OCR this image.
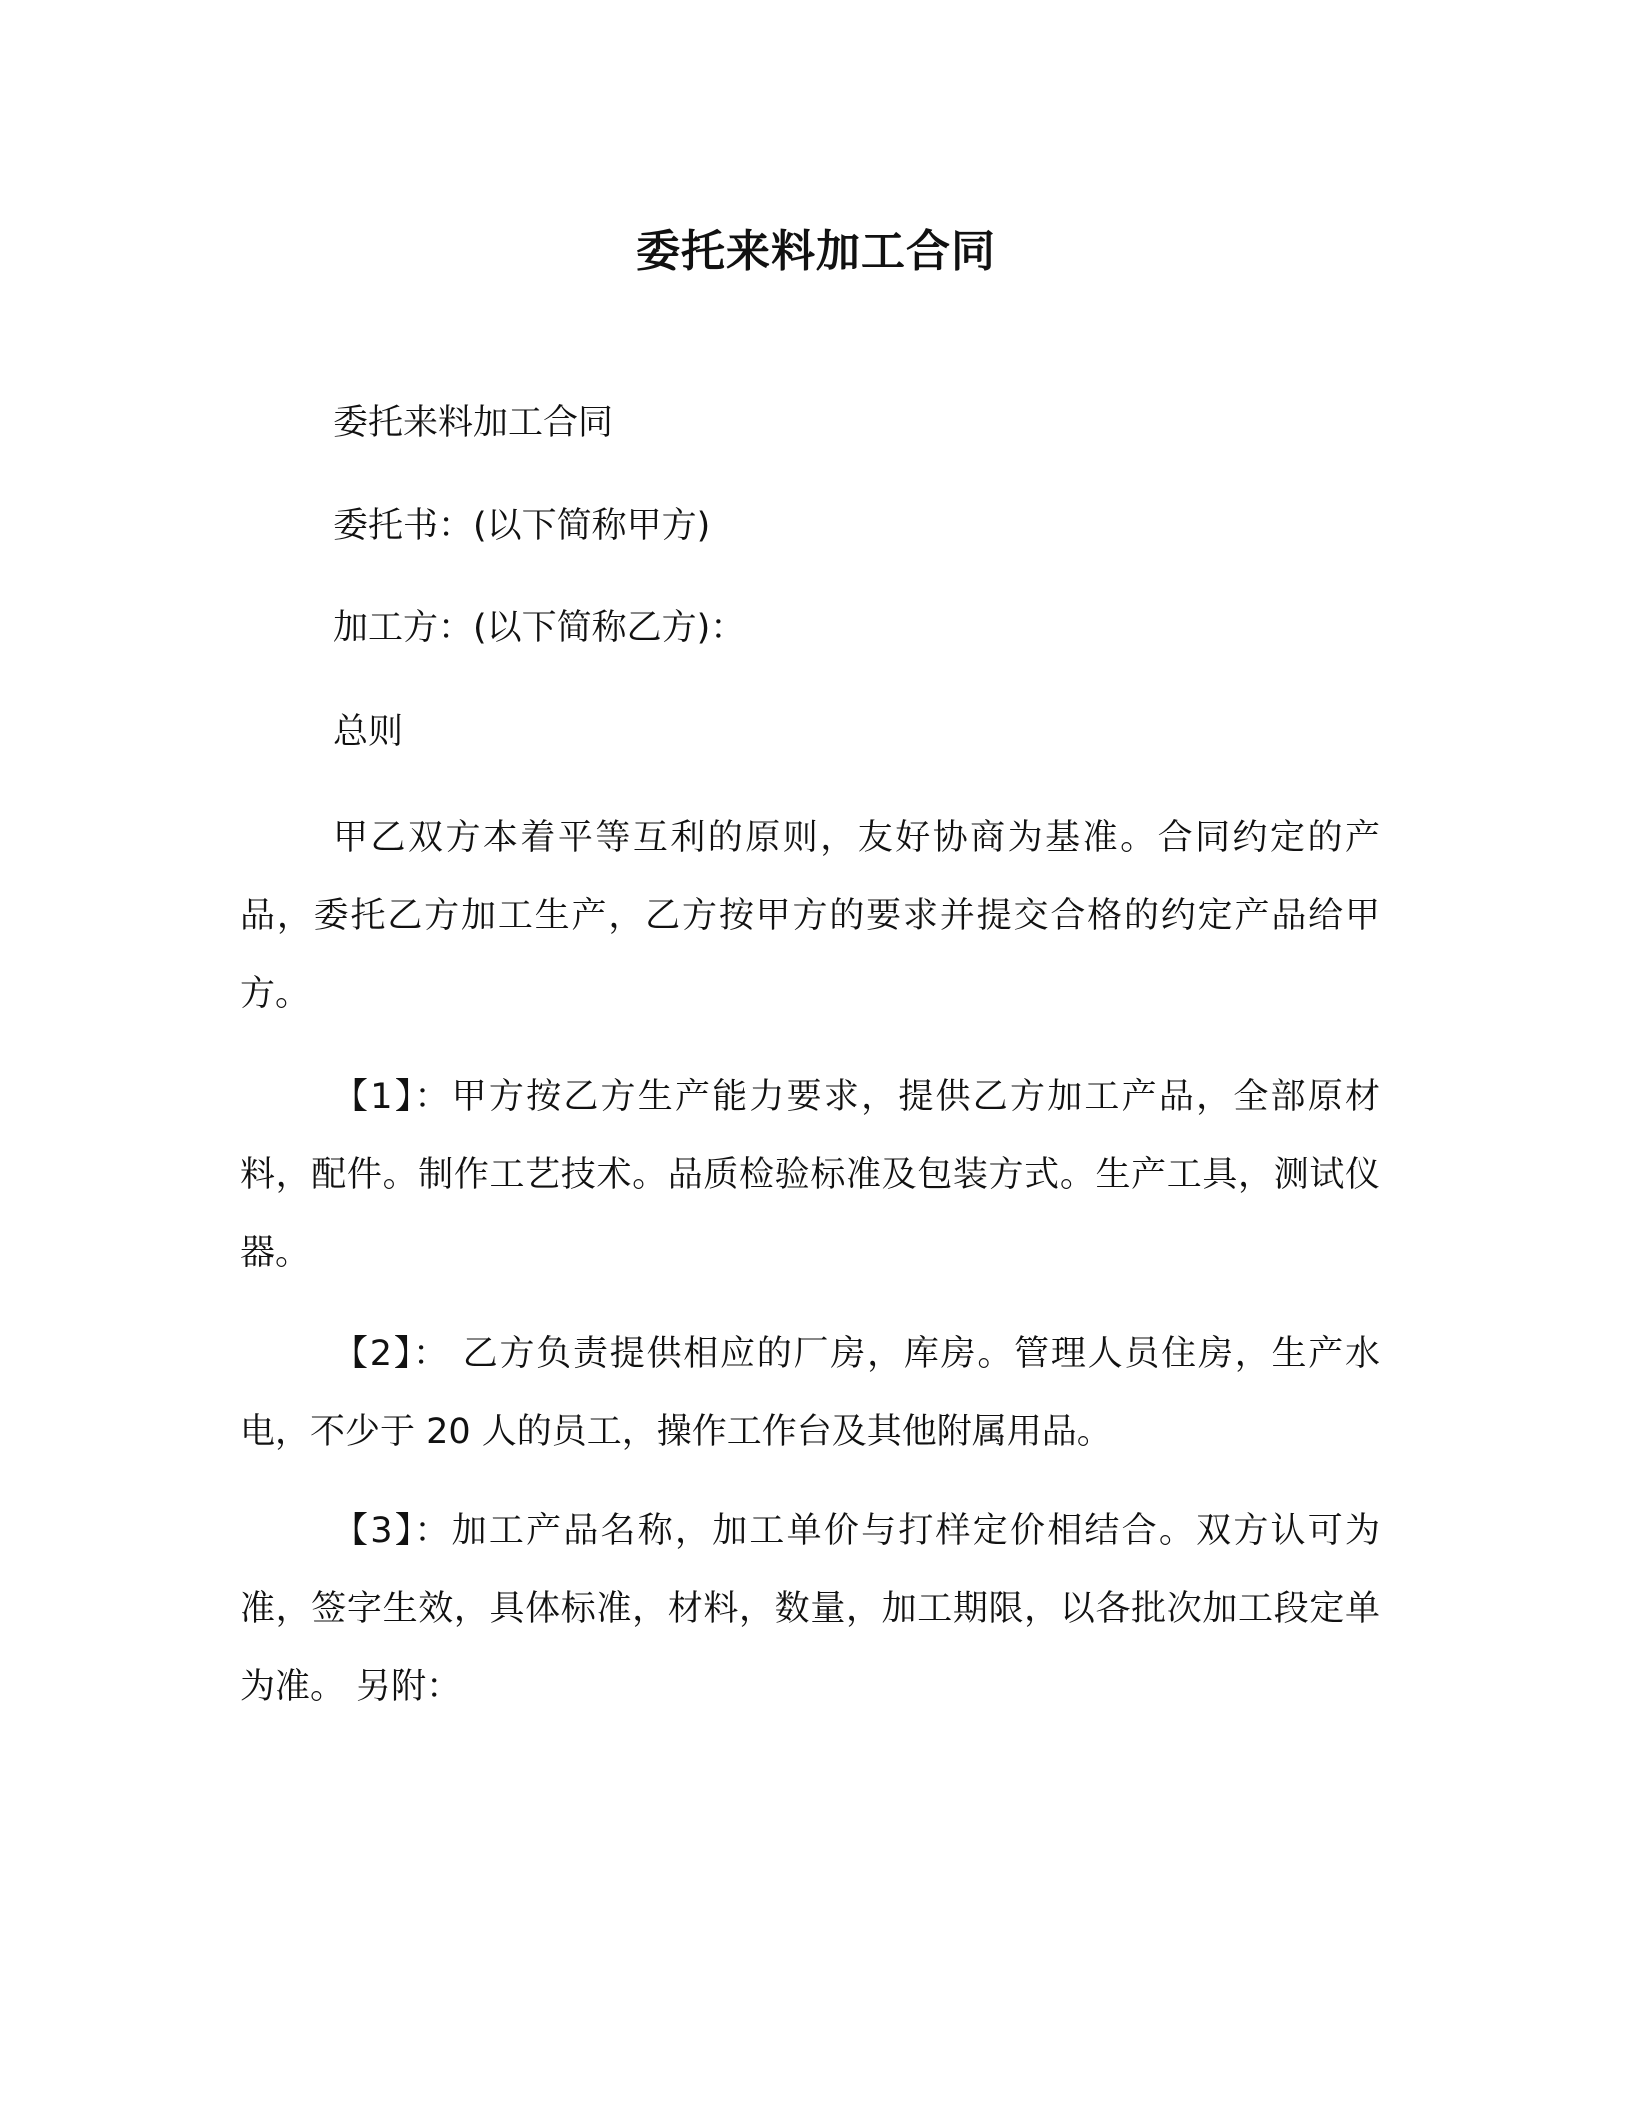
委托来料加工合同
委托来料加工合同
委托书：(以下简称甲方)
加工方：(以下简称乙方)：
总则

甲乙双方本着平等互利的原则，友好协商为基准。合同约定的产品，委托乙方加工生产，乙方按甲方的要求并提交合格的约定产品给甲方。

【1】：甲方按乙方生产能力要求，提供乙方加工产品，全部原材料，配件。制作工艺技术。品质检验标准及包装方式。生产工具，测试仪器。

【2】： 乙方负责提供相应的厂房，库房。管理人员住房，生产水电，不少于 20 人的员工，操作工作台及其他附属用品。

【3】：加工产品名称，加工单价与打样定价相结合。双方认可为准，签字生效，具体标准，材料，数量，加工期限，以各批次加工段定单为准。 另附：
